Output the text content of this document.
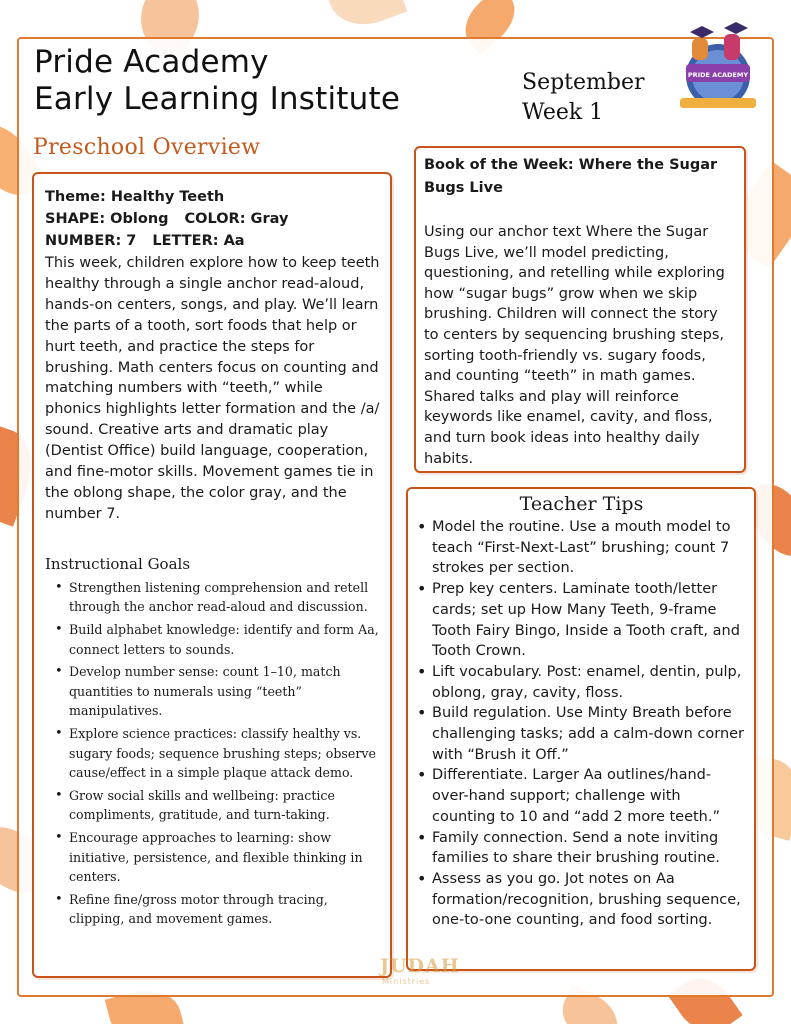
Pride Academy
Early Learning Institute	September
Week 1
PRIDE ACADEMY
Preschool Overview
Theme: Healthy Teeth
SHAPE: Oblong COLOR: Gray
NUMBER: 7 LETTER: Aa

This week, children explore how to keep teeth healthy through a single anchor read-aloud, hands-on centers, songs, and play. We’ll learn the parts of a tooth, sort foods that help or hurt teeth, and practice the steps for brushing. Math centers focus on counting and matching numbers with “teeth,” while phonics highlights letter formation and the /a/ sound. Creative arts and dramatic play (Dentist Office) build language, cooperation, and fine-motor skills. Movement games tie in the oblong shape, the color gray, and the number 7.

Instructional Goals
• Strengthen listening comprehension and retell through the anchor read-aloud and discussion.
• Build alphabet knowledge: identify and form Aa, connect letters to sounds.
• Develop number sense: count 1–10, match quantities to numerals using “teeth” manipulatives.
• Explore science practices: classify healthy vs. sugary foods; sequence brushing steps; observe cause/effect in a simple plaque attack demo.
• Grow social skills and wellbeing: practice compliments, gratitude, and turn-taking.
• Encourage approaches to learning: show initiative, persistence, and flexible thinking in centers.
• Refine fine/gross motor through tracing, clipping, and movement games.
Book of the Week: Where the Sugar Bugs Live

Using our anchor text Where the Sugar Bugs Live, we’ll model predicting, questioning, and retelling while exploring how “sugar bugs” grow when we skip brushing. Children will connect the story to centers by sequencing brushing steps, sorting tooth-friendly vs. sugary foods, and counting “teeth” in math games. Shared talks and play will reinforce keywords like enamel, cavity, and floss, and turn book ideas into healthy daily habits.

Teacher Tips
• Model the routine. Use a mouth model to teach “First-Next-Last” brushing; count 7 strokes per section.
• Prep key centers. Laminate tooth/letter cards; set up How Many Teeth, 9-frame Tooth Fairy Bingo, Inside a Tooth craft, and Tooth Crown.
• Lift vocabulary. Post: enamel, dentin, pulp, oblong, gray, cavity, floss.
• Build regulation. Use Minty Breath before challenging tasks; add a calm-down corner with “Brush it Off.”
• Differentiate. Larger Aa outlines/hand-over-hand support; challenge with counting to 10 and “add 2 more teeth.”
• Family connection. Send a note inviting families to share their brushing routine.
• Assess as you go. Jot notes on Aa formation/recognition, brushing sequence, one-to-one counting, and food sorting.
JUDAH
Ministries
